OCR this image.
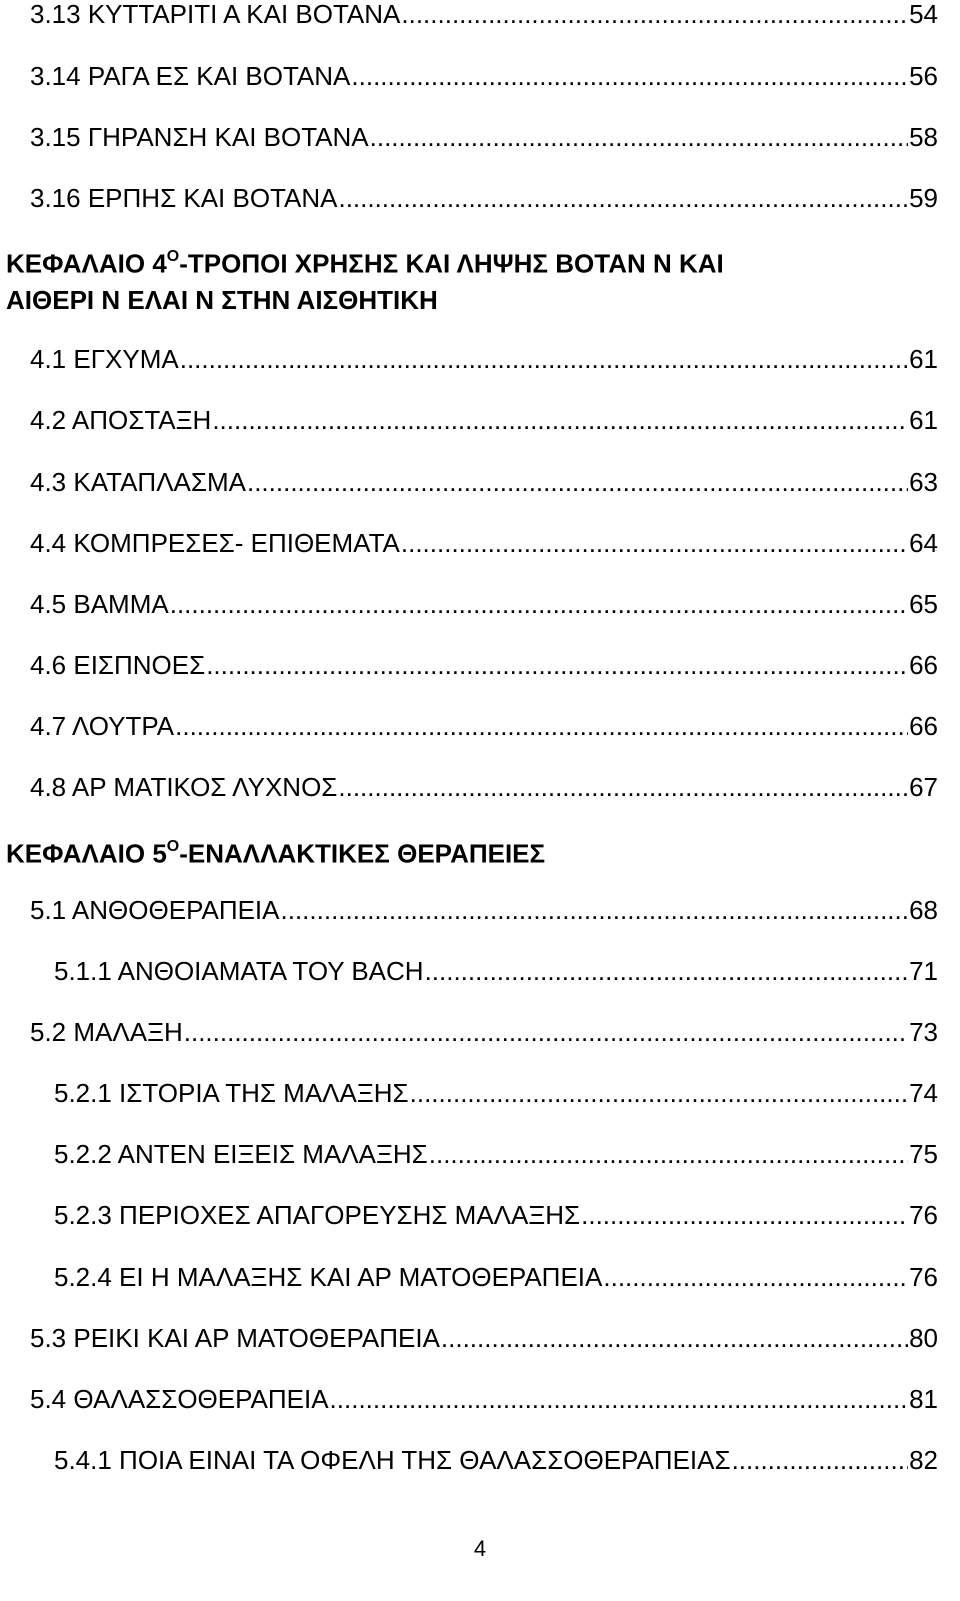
3.13 ΚΥΤΤΑΡΙΤΙ Α ΚΑΙ ΒΟΤΑΝΑ .....	54
3.14 ΡΑΓΑ ΕΣ ΚΑΙ ΒΟΤΑΝΑ .....	56
3.15 ΓΗΡΑΝΣΗ ΚΑΙ ΒΟΤΑΝΑ .....	58
3.16 ΕΡΠΗΣ ΚΑΙ ΒΟΤΑΝΑ .....	59
ΚΕΦΑΛΑΙΟ $4^O$-ΤΡΟΠΟΙ ΧΡΗΣΗΣ ΚΑΙ ΛΗΨΗΣ ΒΟΤΑΝ Ν ΚΑΙ
ΑΙΘΕΡΙ Ν ΕΛΑΙ Ν ΣΤΗΝ ΑΙΣΘΗΤΙΚΗ
4.1 ΕΓΧΥΜΑ .....	61
4.2 ΑΠΟΣΤΑΞΗ .....	61
4.3 ΚΑΤΑΠΛΑΣΜΑ .....	63
4.4 ΚΟΜΠΡΕΣΕΣ- ΕΠΙΘΕΜΑΤΑ .....	64
4.5 ΒΑΜΜΑ .....	65
4.6 ΕΙΣΠΝΟΕΣ .....	66
4.7 ΛΟΥΤΡΑ .....	66
4.8 ΑΡ ΜΑΤΙΚΟΣ ΛΥΧΝΟΣ .....	67
ΚΕΦΑΛΑΙΟ $5^O$-ΕΝΑΛΛΑΚΤΙΚΕΣ ΘΕΡΑΠΕΙΕΣ
5.1 ΑΝΘΟΘΕΡΑΠΕΙΑ .....	68
5.1.1 ΑΝΘΟΙΑΜΑΤΑ ΤΟΥ BACH .....	71
5.2 ΜΑΛΑΞΗ .....	73
5.2.1 ΙΣΤΟΡΙΑ ΤΗΣ ΜΑΛΑΞΗΣ .....	74
5.2.2 ΑΝΤΕΝ ΕΙΞΕΙΣ ΜΑΛΑΞΗΣ .....	75
5.2.3 ΠΕΡΙΟΧΕΣ ΑΠΑΓΟΡΕΥΣΗΣ ΜΑΛΑΞΗΣ .....	76
5.2.4 ΕΙ Η ΜΑΛΑΞΗΣ ΚΑΙ ΑΡ ΜΑΤΟΘΕΡΑΠΕΙΑ .....	76
5.3 ΡΕΙΚΙ ΚΑΙ ΑΡ ΜΑΤΟΘΕΡΑΠΕΙΑ .....	80
5.4 ΘΑΛΑΣΣΟΘΕΡΑΠΕΙΑ .....	81
5.4.1 ΠΟΙΑ ΕΙΝΑΙ ΤΑ ΟΦΕΛΗ ΤΗΣ ΘΑΛΑΣΣΟΘΕΡΑΠΕΙΑΣ .....	82
4
